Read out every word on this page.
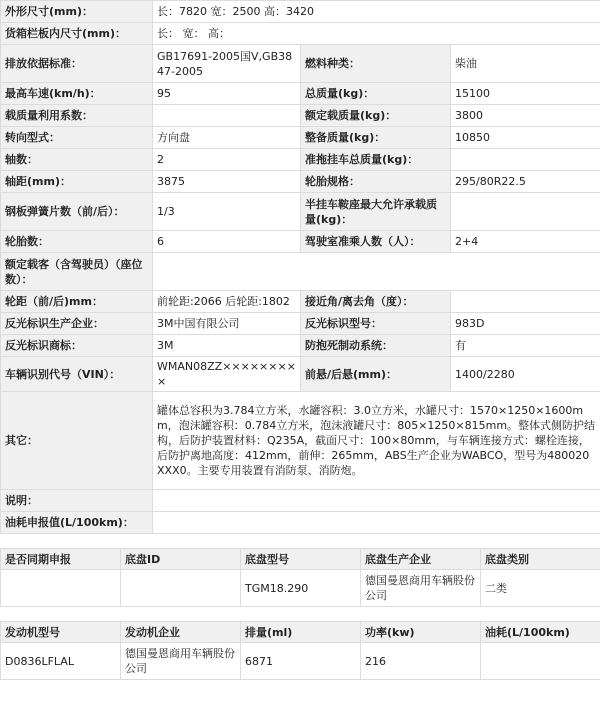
外形尺寸(mm)：	长：7820 宽：2500 高：3420		
货箱栏板内尺寸(mm)：	长： 宽： 高：		
排放依据标准：	GB17691-2005国V,GB3847-2005	燃料种类：	柴油
最高车速(km/h)：	95	总质量(kg)：	15100
载质量利用系数：		额定载质量(kg)：	3800
转向型式：	方向盘	整备质量(kg)：	10850
轴数：	2	准拖挂车总质量(kg)：	
轴距(mm)：	3875	轮胎规格：	295/80R22.5
钢板弹簧片数（前/后）：	1/3	半挂车鞍座最大允许承载质量(kg)：	
轮胎数：	6	驾驶室准乘人数（人）：	2+4
额定载客（含驾驶员）（座位数）：			
轮距（前/后)mm：	前轮距:2066 后轮距:1802	接近角/离去角（度）：	
反光标识生产企业：	3M中国有限公司	反光标识型号：	983D
反光标识商标：	3M	防抱死制动系统：	有
车辆识别代号（VIN）：	WMAN08ZZ×××××××××	前悬/后悬(mm)：	1400/2280
其它：	罐体总容积为3.784立方米，水罐容积：3.0立方米，水罐尺寸：1570×1250×1600mm，泡沫罐容积：0.784立方米，泡沫液罐尺寸：805×1250×815mm。整体式侧防护结构，后防护装置材料：Q235A，截面尺寸：100×80mm，与车辆连接方式：螺栓连接，后防护离地高度：412mm，前伸：265mm，ABS生产企业为WABCO，型号为480020XXX0。主要专用装置有消防泵、消防炮。		
说明：			
油耗申报值(L/100km)：			
是否同期申报	底盘ID	底盘型号	底盘生产企业	底盘类别
		TGM18.290	德国曼恩商用车辆股份公司	二类
发动机型号	发动机企业	排量(ml)	功率(kw)	油耗(L/100km)
D0836LFLAL	德国曼恩商用车辆股份公司	6871	216	
